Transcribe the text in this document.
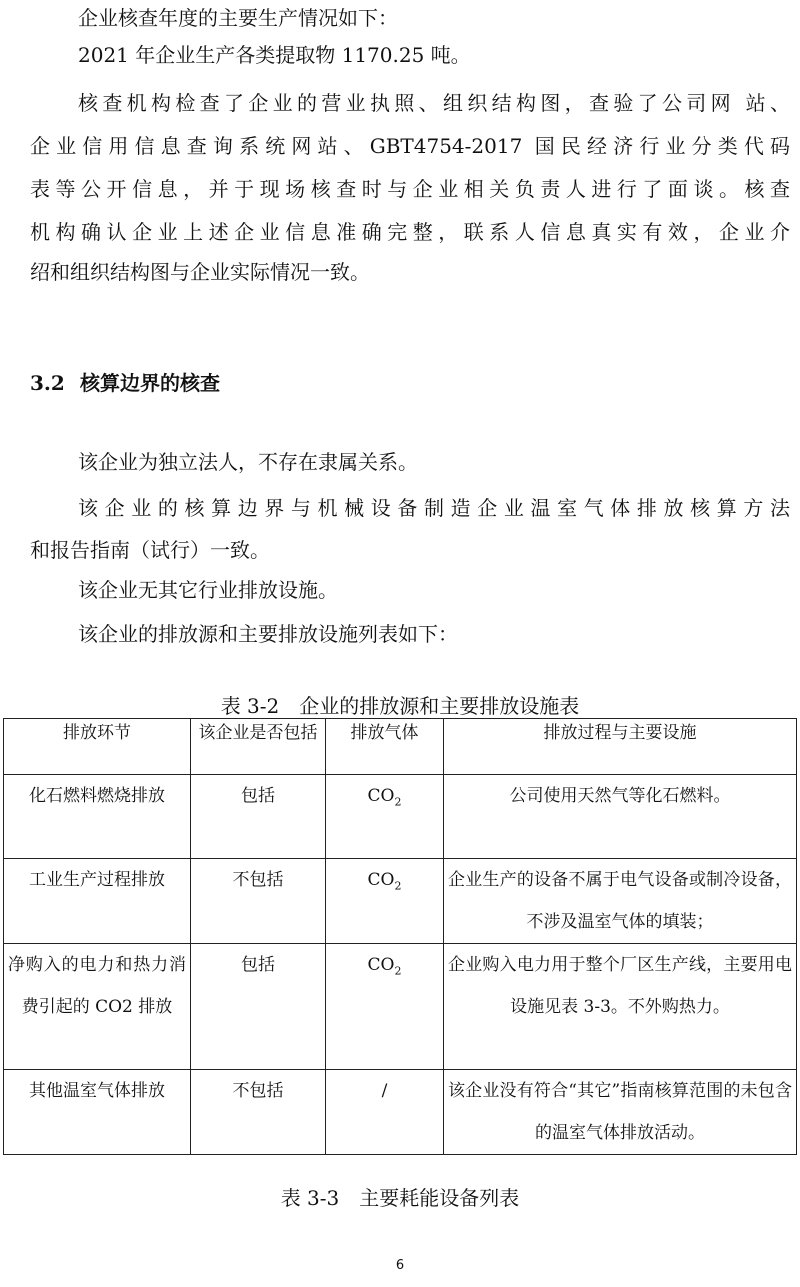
企业核查年度的主要生产情况如下：
2021 年企业生产各类提取物 1170.25 吨。
核查机构检查了企业的营业执照、组织结构图，查验了公司网 站、
企业信用信息查询系统网站、GBT4754-2017 国民经济行业分类代码
表等公开信息，并于现场核查时与企业相关负责人进行了面谈。核查
机构确认企业上述企业信息准确完整，联系人信息真实有效，企业介
绍和组织结构图与企业实际情况一致。
3.2 核算边界的核查
该企业为独立法人，不存在隶属关系。
该企业的核算边界与机械设备制造企业温室气体排放核算方法
和报告指南（试行）一致。
该企业无其它行业排放设施。
该企业的排放源和主要排放设施列表如下：
表 3-2　企业的排放源和主要排放设施表
排放环节	该企业是否包括	排放气体	排放过程与主要设施
化石燃料燃烧排放	包括	$CO_2$	公司使用天然气等化石燃料。
工业生产过程排放	不包括	$CO_2$	企业生产的设备不属于电气设备或制冷设备，不涉及温室气体的填装；
净购入的电力和热力消费引起的 CO2 排放	包括	$CO_2$	企业购入电力用于整个厂区生产线，主要用电设施见表 3-3。不外购热力。
其他温室气体排放	不包括	/	该企业没有符合“其它”指南核算范围的未包含的温室气体排放活动。
表 3-3　主要耗能设备列表
6
